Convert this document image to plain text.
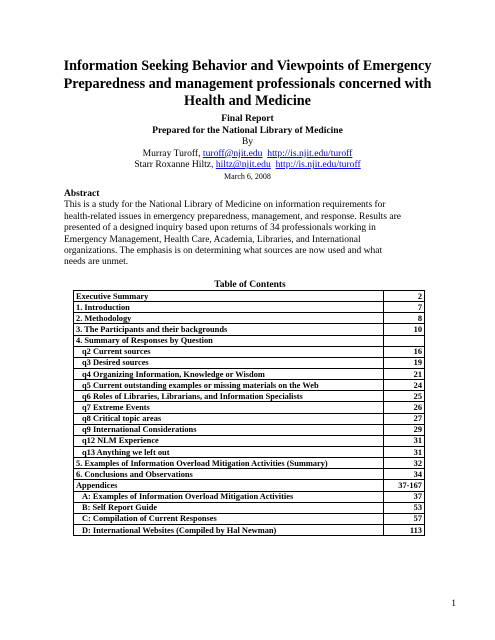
Information Seeking Behavior and Viewpoints of Emergency
Preparedness and management professionals concerned with
Health and Medicine
Final Report
Prepared for the National Library of Medicine
By
Murray Turoff, turoff@njit.edu http://is.njit.edu/turoff
Starr Roxanne Hiltz, hiltz@njit.edu http://is.njit.edu/turoff
March 6, 2008
Abstract
This is a study for the National Library of Medicine on information requirements for
health-related issues in emergency preparedness, management, and response. Results are
presented of a designed inquiry based upon returns of 34 professionals working in
Emergency Management, Health Care, Academia, Libraries, and International
organizations. The emphasis is on determining what sources are now used and what
needs are unmet.
Table of Contents
Executive Summary	2
1. Introduction	7
2. Methodology	8
3. The Participants and their backgrounds	10
4. Summary of Responses by Question	
q2 Current sources	16
q3 Desired sources	19
q4 Organizing Information, Knowledge or Wisdom	21
q5 Current outstanding examples or missing materials on the Web	24
q6 Roles of Libraries, Librarians, and Information Specialists	25
q7 Extreme Events	26
q8 Critical topic areas	27
q9 International Considerations	29
q12 NLM Experience	31
q13 Anything we left out	31
5. Examples of Information Overload Mitigation Activities (Summary)	32
6. Conclusions and Observations	34
Appendices	37-167
A: Examples of Information Overload Mitigation Activities	37
B: Self Report Guide	53
C: Compilation of Current Responses	57
D: International Websites (Compiled by Hal Newman)	113
1
